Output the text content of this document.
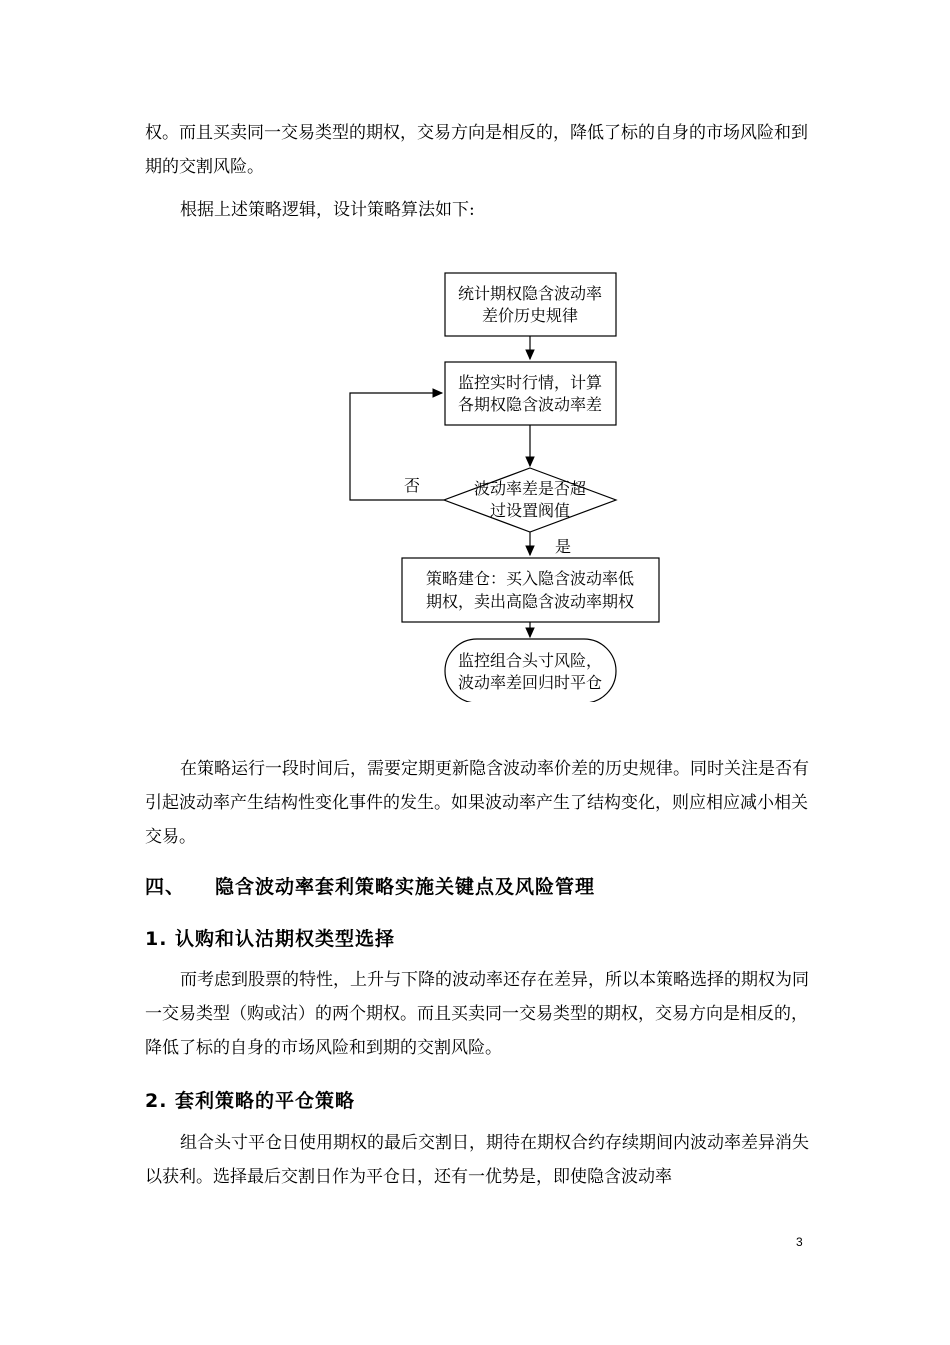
权。而且买卖同一交易类型的期权，交易方向是相反的，降低了标的自身的市场风险和到期的交割风险。

根据上述策略逻辑，设计策略算法如下:

统计期权隐含波动率
差价历史规律
监控实时行情，计算
各期权隐含波动率差
波动率差是否超
过设置阀值
否
是
策略建仓：买入隐含波动率低
期权，卖出高隐含波动率期权
监控组合头寸风险，
波动率差回归时平仓

在策略运行一段时间后，需要定期更新隐含波动率价差的历史规律。同时关注是否有引起波动率产生结构性变化事件的发生。如果波动率产生了结构变化，则应相应减小相关交易。

四、 隐含波动率套利策略实施关键点及风险管理
1. 认购和认沽期权类型选择

而考虑到股票的特性，上升与下降的波动率还存在差异，所以本策略选择的期权为同一交易类型（购或沽）的两个期权。而且买卖同一交易类型的期权，交易方向是相反的，降低了标的自身的市场风险和到期的交割风险。

2. 套利策略的平仓策略

组合头寸平仓日使用期权的最后交割日，期待在期权合约存续期间内波动率差异消失以获利。选择最后交割日作为平仓日，还有一优势是，即使隐含波动率

3
